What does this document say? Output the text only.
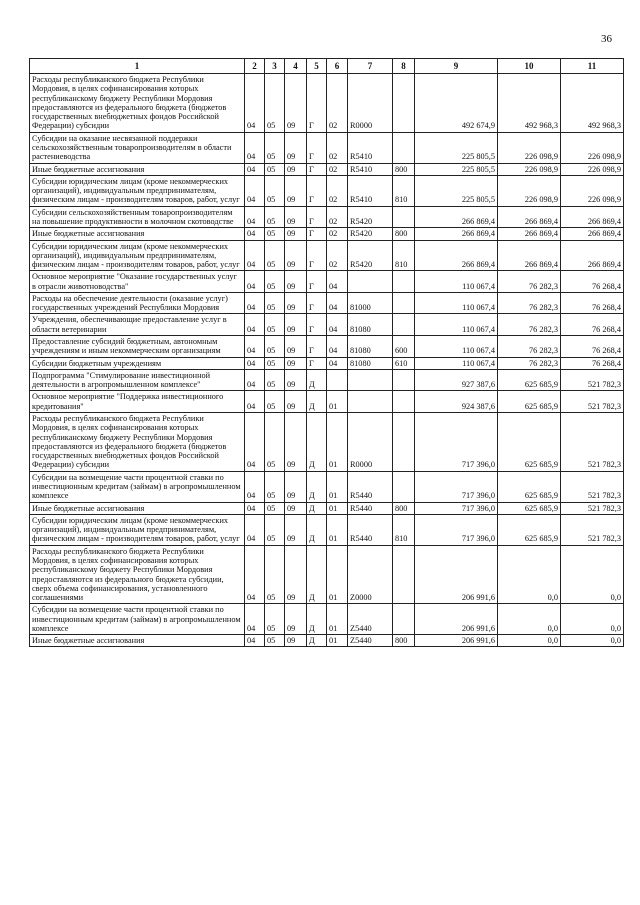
36
1	2	3	4	5	6	7	8	9	10	11
Расходы республиканского бюджета Республики Мордовия, в целях софинансирования которых республиканскому бюджету Республики Мордовия предоставляются из федерального бюджета (бюджетов государственных внебюджетных фондов Российской Федерации) субсидии	04	05	09	Г	02	R0000		492 674,9	492 968,3	492 968,3
Субсидии на оказание несвязанной поддержки сельскохозяйственным товаропроизводителям в области растениеводства	04	05	09	Г	02	R5410		225 805,5	226 098,9	226 098,9
Иные бюджетные ассигнования	04	05	09	Г	02	R5410	800	225 805,5	226 098,9	226 098,9
Субсидии юридическим лицам (кроме некоммерческих организаций), индивидуальным предпринимателям, физическим лицам - производителям товаров, работ, услуг	04	05	09	Г	02	R5410	810	225 805,5	226 098,9	226 098,9
Субсидии сельскохозяйственным товаропроизводителям на повышение продуктивности в молочном скотоводстве	04	05	09	Г	02	R5420		266 869,4	266 869,4	266 869,4
Иные бюджетные ассигнования	04	05	09	Г	02	R5420	800	266 869,4	266 869,4	266 869,4
Субсидии юридическим лицам (кроме некоммерческих организаций), индивидуальным предпринимателям, физическим лицам - производителям товаров, работ, услуг	04	05	09	Г	02	R5420	810	266 869,4	266 869,4	266 869,4
Основное мероприятие "Оказание государственных услуг в отрасли животноводства"	04	05	09	Г	04			110 067,4	76 282,3	76 268,4
Расходы на обеспечение деятельности (оказание услуг) государственных учреждений Республики Мордовия	04	05	09	Г	04	81000		110 067,4	76 282,3	76 268,4
Учреждения, обеспечивающие предоставление услуг в области ветеринарии	04	05	09	Г	04	81080		110 067,4	76 282,3	76 268,4
Предоставление субсидий бюджетным, автономным учреждениям и иным некоммерческим организациям	04	05	09	Г	04	81080	600	110 067,4	76 282,3	76 268,4
Субсидии бюджетным учреждениям	04	05	09	Г	04	81080	610	110 067,4	76 282,3	76 268,4
Подпрограмма "Стимулирование инвестиционной деятельности в агропромышленном комплексе"	04	05	09	Д				927 387,6	625 685,9	521 782,3
Основное мероприятие "Поддержка инвестиционного кредитования"	04	05	09	Д	01			924 387,6	625 685,9	521 782,3
Расходы республиканского бюджета Республики Мордовия, в целях софинансирования которых республиканскому бюджету Республики Мордовия предоставляются из федерального бюджета (бюджетов государственных внебюджетных фондов Российской Федерации) субсидии	04	05	09	Д	01	R0000		717 396,0	625 685,9	521 782,3
Субсидии на возмещение части процентной ставки по инвестиционным кредитам (займам) в агропромышленном комплексе	04	05	09	Д	01	R5440		717 396,0	625 685,9	521 782,3
Иные бюджетные ассигнования	04	05	09	Д	01	R5440	800	717 396,0	625 685,9	521 782,3
Субсидии юридическим лицам (кроме некоммерческих организаций), индивидуальным предпринимателям, физическим лицам - производителям товаров, работ, услуг	04	05	09	Д	01	R5440	810	717 396,0	625 685,9	521 782,3
Расходы республиканского бюджета Республики Мордовия, в целях софинансирования которых республиканскому бюджету Республики Мордовия предоставляются из федерального бюджета субсидии, сверх объема софинансирования, установленного соглашениями	04	05	09	Д	01	Z0000		206 991,6	0,0	0,0
Субсидии на возмещение части процентной ставки по инвестиционным кредитам (займам) в агропромышленном комплексе	04	05	09	Д	01	Z5440		206 991,6	0,0	0,0
Иные бюджетные ассигнования	04	05	09	Д	01	Z5440	800	206 991,6	0,0	0,0
